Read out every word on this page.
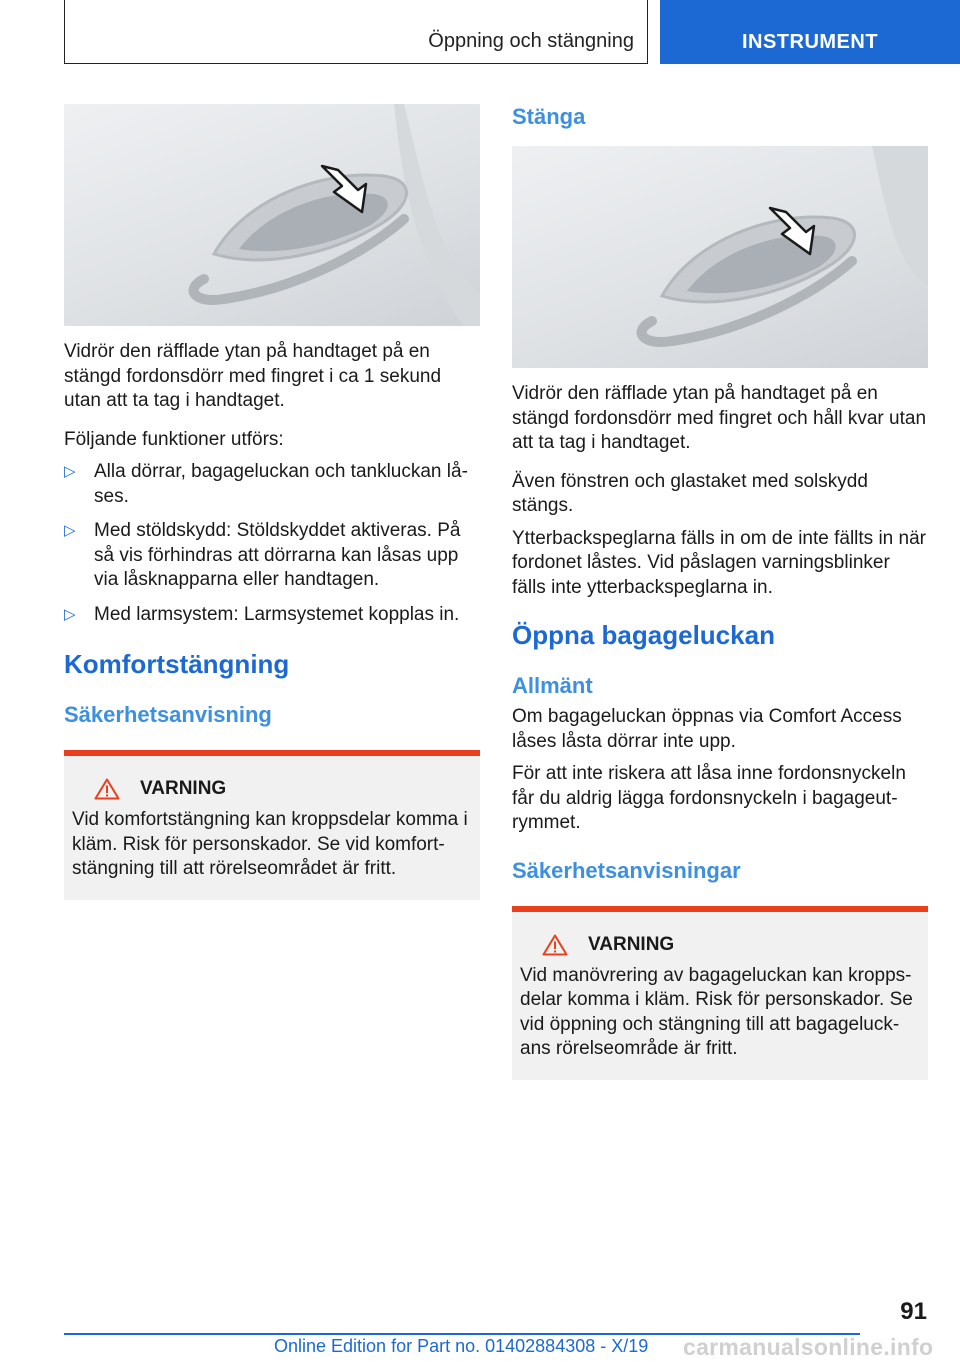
Öppning och stängning	INSTRUMENT

Vidrör den räfflade ytan på handtaget på en stängd fordonsdörr med fingret i ca 1 sekund utan att ta tag i handtaget.

Följande funktioner utförs:

▷ Alla dörrar, bagageluckan och tankluckan låses.
▷ Med stöldskydd: Stöldskyddet aktiveras. På så vis förhindras att dörrarna kan låsas upp via låsknapparna eller handtagen.
▷ Med larmsystem: Larmsystemet kopplas in.
Komfortstängning
Säkerhetsanvisning
VARNING

Vid komfortstängning kan kroppsdelar komma i kläm. Risk för personskador. Se vid komfortstängning till att rörelseområdet är fritt.

Stänga

Vidrör den räfflade ytan på handtaget på en stängd fordonsdörr med fingret och håll kvar utan att ta tag i handtaget.

Även fönstren och glastaket med solskydd stängs.

Ytterbackspeglarna fälls in om de inte fällts in när fordonet låstes. Vid påslagen varningsblinker fälls inte ytterbackspeglarna in.

Öppna bagageluckan
Allmänt

Om bagageluckan öppnas via Comfort Access låses låsta dörrar inte upp.

För att inte riskera att låsa inne fordonsnyckeln får du aldrig lägga fordonsnyckeln i bagageutrymmet.

Säkerhetsanvisningar
VARNING

Vid manövrering av bagageluckan kan kroppsdelar komma i kläm. Risk för personskador. Se vid öppning och stängning till att bagageluckans rörelseområde är fritt.

91
Online Edition for Part no. 01402884308 - X/19 carmanualsonline.info
